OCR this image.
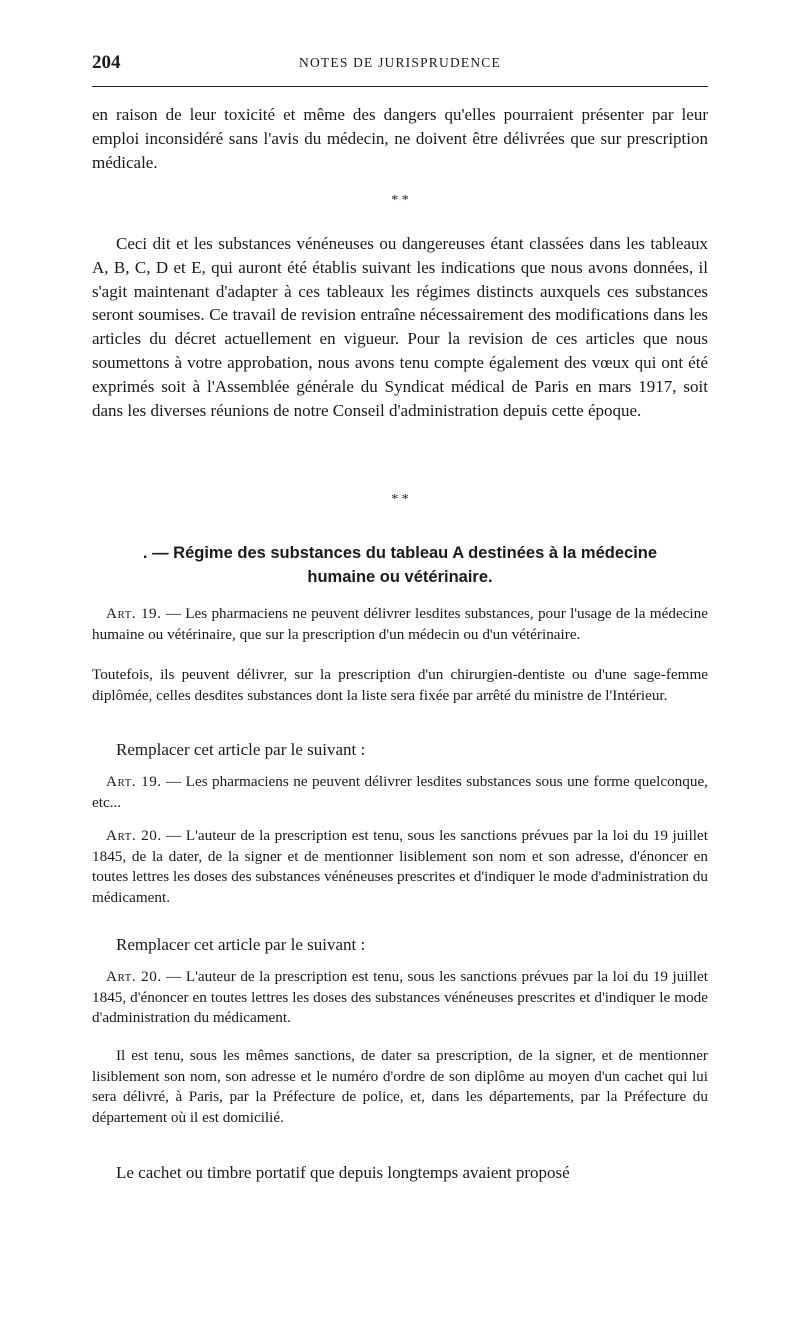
204	NOTES DE JURISPRUDENCE

en raison de leur toxicité et même des dangers qu'elles pourraient présenter par leur emploi inconsidéré sans l'avis du médecin, ne doivent être délivrées que sur prescription médicale.

* *

Ceci dit et les substances vénéneuses ou dangereuses étant classées dans les tableaux A, B, C, D et E, qui auront été établis suivant les indications que nous avons données, il s'agit maintenant d'adapter à ces tableaux les régimes distincts auxquels ces substances seront soumises. Ce travail de revision entraîne nécessairement des modifications dans les articles du décret actuellement en vigueur. Pour la revision de ces articles que nous soumettons à votre approbation, nous avons tenu compte également des vœux qui ont été exprimés soit à l'Assemblée générale du Syndicat médical de Paris en mars 1917, soit dans les diverses réunions de notre Conseil d'administration depuis cette époque.

* *
. — Régime des substances du tableau A destinées à la médecine
humaine ou vétérinaire.

Art. 19. — Les pharmaciens ne peuvent délivrer lesdites substances, pour l'usage de la médecine humaine ou vétérinaire, que sur la prescription d'un médecin ou d'un vétérinaire.

Toutefois, ils peuvent délivrer, sur la prescription d'un chirurgien-dentiste ou d'une sage-femme diplômée, celles desdites substances dont la liste sera fixée par arrêté du ministre de l'Intérieur.

Remplacer cet article par le suivant :

Art. 19. — Les pharmaciens ne peuvent délivrer lesdites substances sous une forme quelconque, etc...

Art. 20. — L'auteur de la prescription est tenu, sous les sanctions prévues par la loi du 19 juillet 1845, de la dater, de la signer et de mentionner lisiblement son nom et son adresse, d'énoncer en toutes lettres les doses des substances vénéneuses prescrites et d'indiquer le mode d'administration du médicament.

Remplacer cet article par le suivant :

Art. 20. — L'auteur de la prescription est tenu, sous les sanctions prévues par la loi du 19 juillet 1845, d'énoncer en toutes lettres les doses des substances vénéneuses prescrites et d'indiquer le mode d'administration du médicament.

Il est tenu, sous les mêmes sanctions, de dater sa prescription, de la signer, et de mentionner lisiblement son nom, son adresse et le numéro d'ordre de son diplôme au moyen d'un cachet qui lui sera délivré, à Paris, par la Préfecture de police, et, dans les départements, par la Préfecture du département où il est domicilié.

Le cachet ou timbre portatif que depuis longtemps avaient proposé
